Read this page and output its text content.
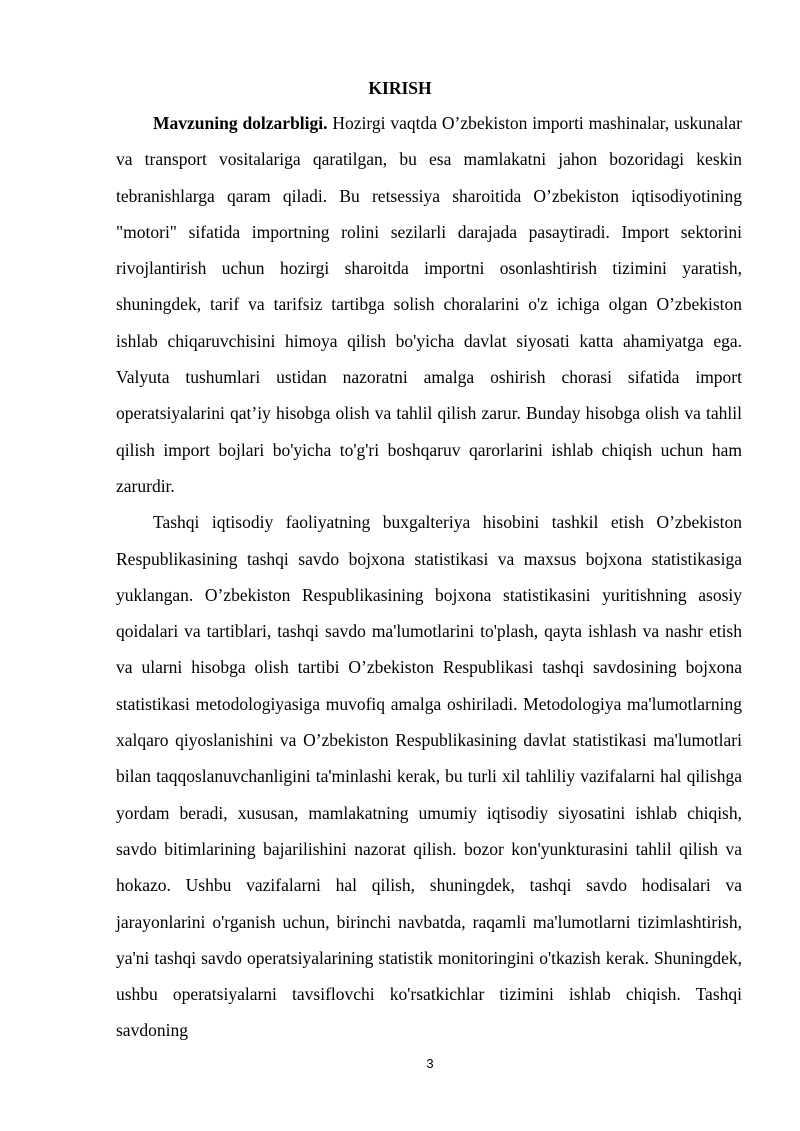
KIRISH

Mavzuning dolzarbligi. Hozirgi vaqtda O’zbekiston importi mashinalar, uskunalar va transport vositalariga qaratilgan, bu esa mamlakatni jahon bozoridagi keskin tebranishlarga qaram qiladi. Bu retsessiya sharoitida O’zbekiston iqtisodiyotining "motori" sifatida importning rolini sezilarli darajada pasaytiradi. Import sektorini rivojlantirish uchun hozirgi sharoitda importni osonlashtirish tizimini yaratish, shuningdek, tarif va tarifsiz tartibga solish choralarini o'z ichiga olgan O’zbekiston ishlab chiqaruvchisini himoya qilish bo'yicha davlat siyosati katta ahamiyatga ega. Valyuta tushumlari ustidan nazoratni amalga oshirish chorasi sifatida import operatsiyalarini qat’iy hisobga olish va tahlil qilish zarur. Bunday hisobga olish va tahlil qilish import bojlari bo'yicha to'g'ri boshqaruv qarorlarini ishlab chiqish uchun ham zarurdir.

Tashqi iqtisodiy faoliyatning buxgalteriya hisobini tashkil etish O’zbekiston Respublikasining tashqi savdo bojxona statistikasi va maxsus bojxona statistikasiga yuklangan. O’zbekiston Respublikasining bojxona statistikasini yuritishning asosiy qoidalari va tartiblari, tashqi savdo ma'lumotlarini to'plash, qayta ishlash va nashr etish va ularni hisobga olish tartibi O’zbekiston Respublikasi tashqi savdosining bojxona statistikasi metodologiyasiga muvofiq amalga oshiriladi. Metodologiya ma'lumotlarning xalqaro qiyoslanishini va O’zbekiston Respublikasining davlat statistikasi ma'lumotlari bilan taqqoslanuvchanligini ta'minlashi kerak, bu turli xil tahliliy vazifalarni hal qilishga yordam beradi, xususan, mamlakatning umumiy iqtisodiy siyosatini ishlab chiqish, savdo bitimlarining bajarilishini nazorat qilish. bozor kon'yunkturasini tahlil qilish va hokazo. Ushbu vazifalarni hal qilish, shuningdek, tashqi savdo hodisalari va jarayonlarini o'rganish uchun, birinchi navbatda, raqamli ma'lumotlarni tizimlashtirish, ya'ni tashqi savdo operatsiyalarining statistik monitoringini o'tkazish kerak. Shuningdek, ushbu operatsiyalarni tavsiflovchi ko'rsatkichlar tizimini ishlab chiqish. Tashqi savdoning

3
